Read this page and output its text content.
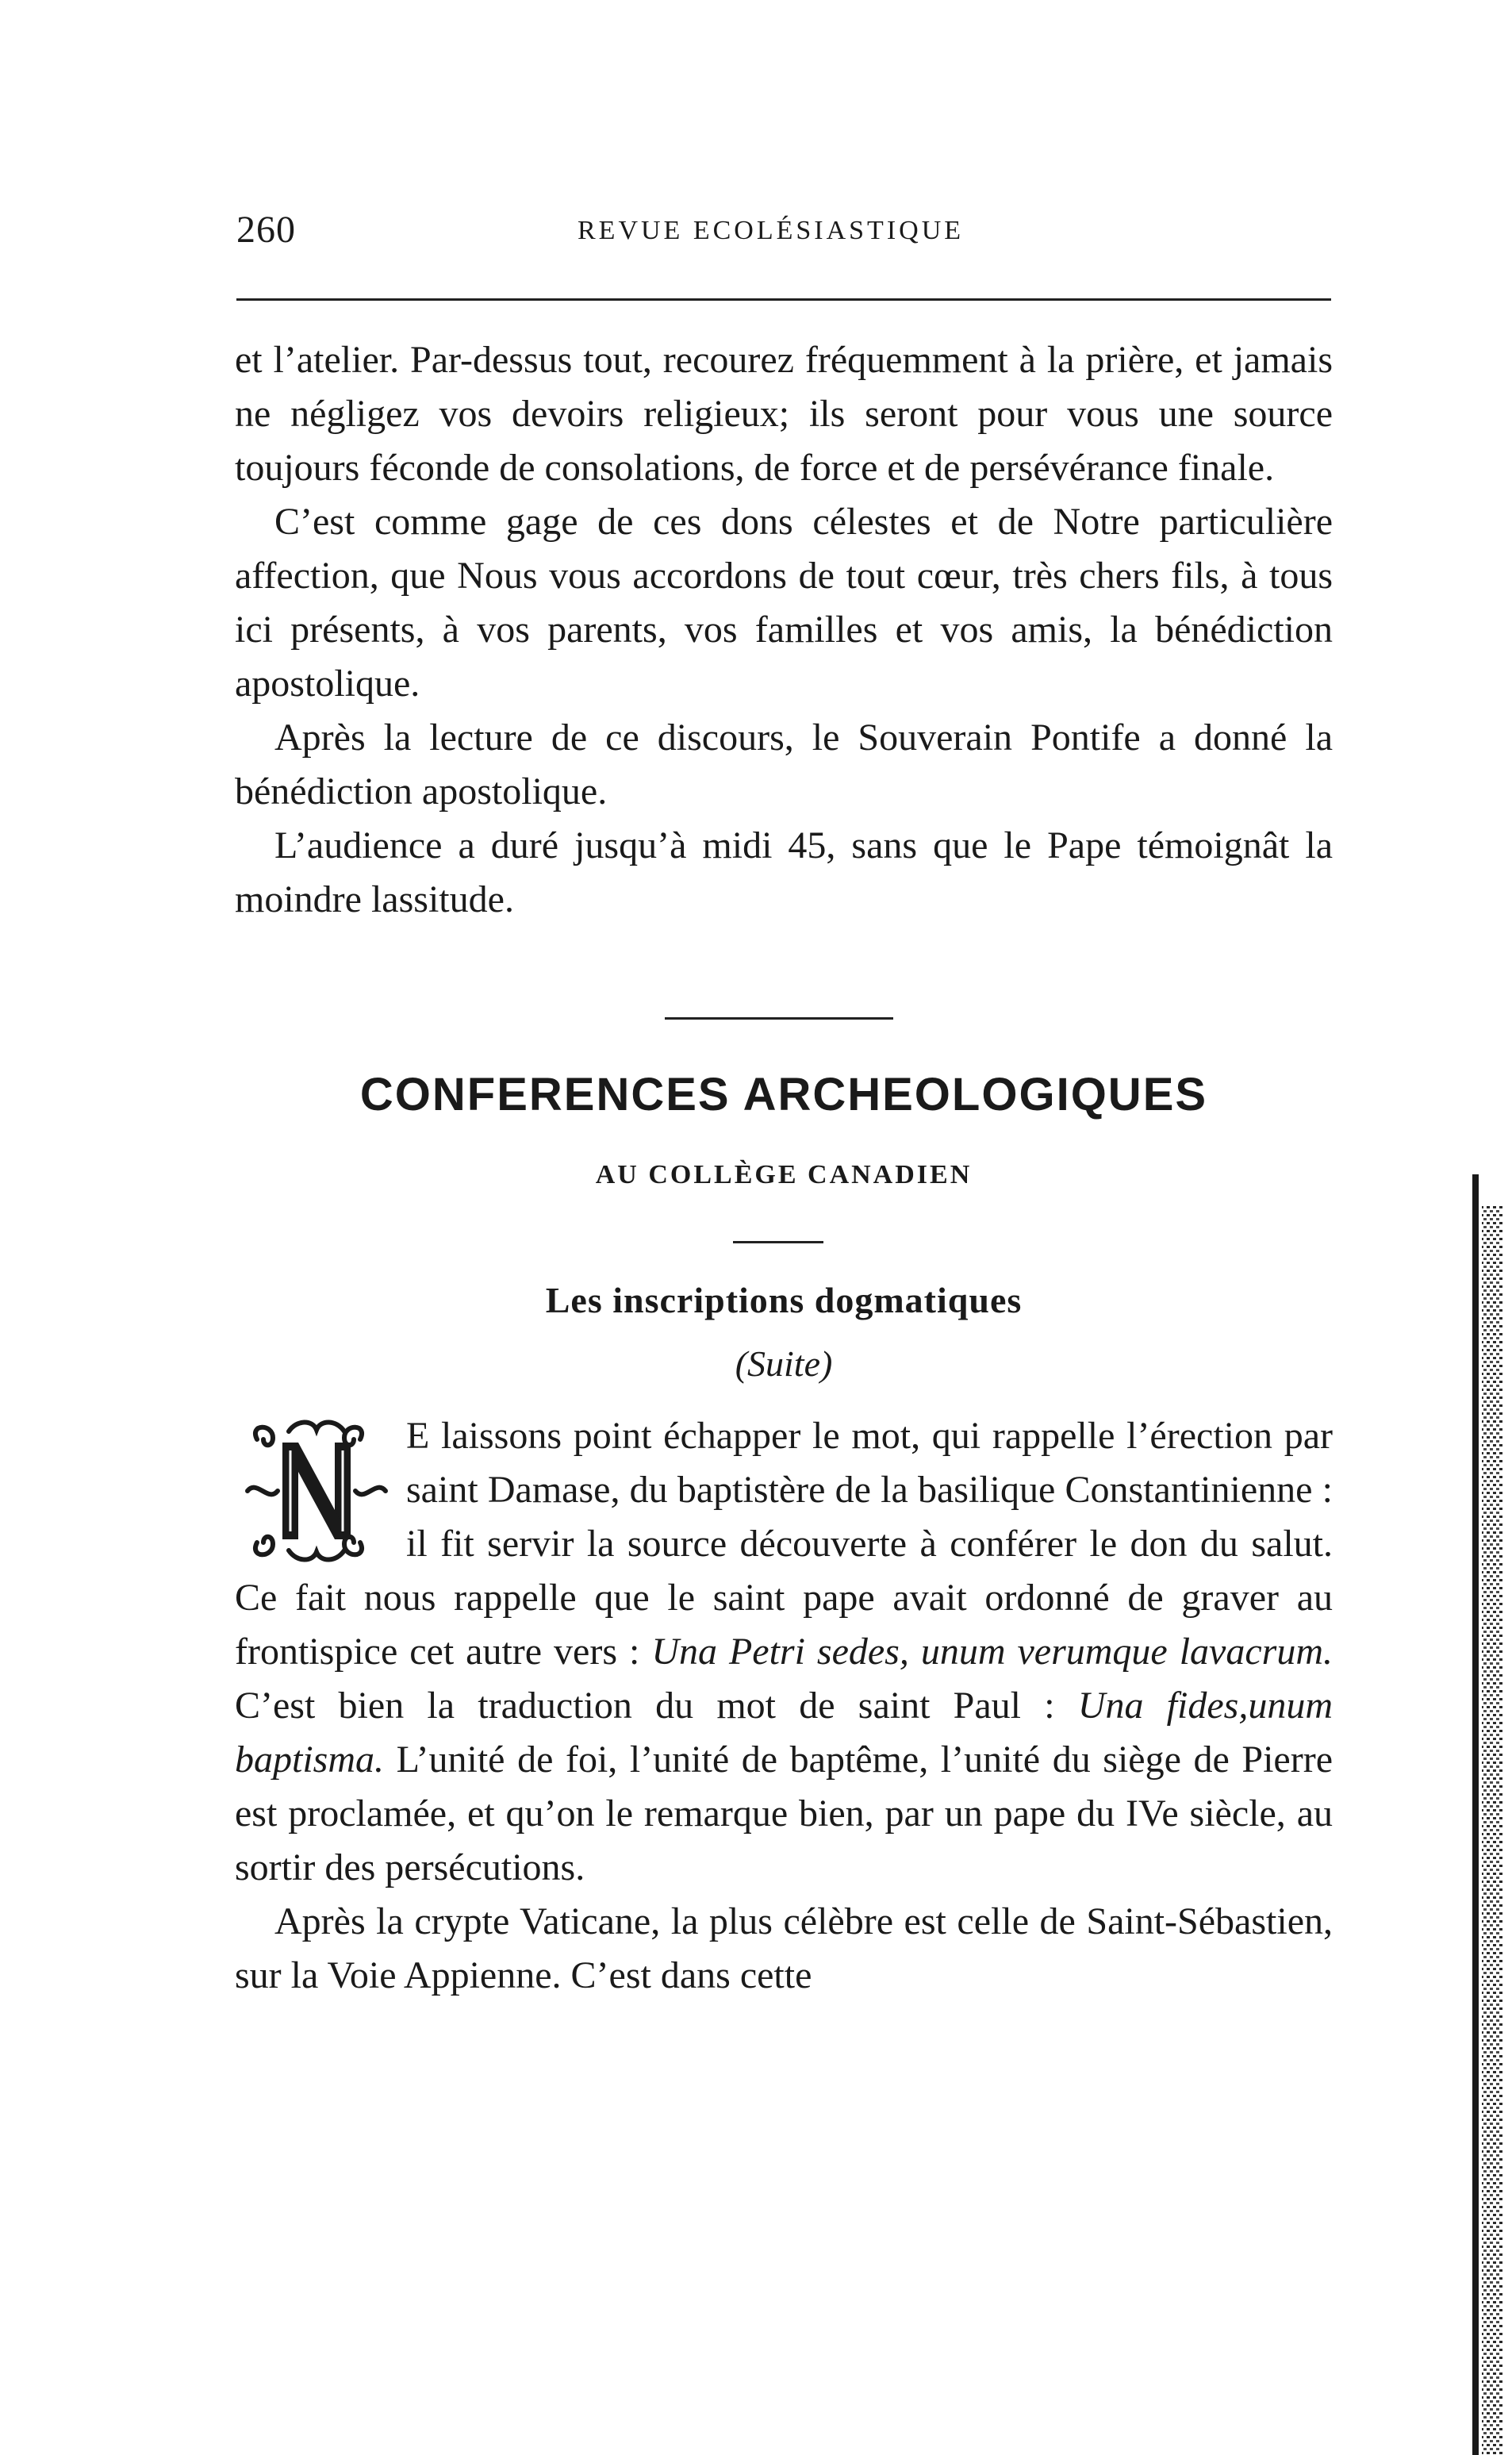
260	REVUE ECOLÉSIASTIQUE

et l’atelier. Par-dessus tout, recourez fréquemment à la prière, et jamais ne négligez vos devoirs religieux; ils seront pour vous une source toujours féconde de consolations, de force et de persévérance finale.

C’est comme gage de ces dons célestes et de Notre particulière affection, que Nous vous accordons de tout cœur, très chers fils, à tous ici présents, à vos parents, vos familles et vos amis, la bénédiction apostolique.

Après la lecture de ce discours, le Souverain Pontife a donné la bénédiction apostolique.

L’audience a duré jusqu’à midi 45, sans que le Pape témoignât la moindre lassitude.

CONFERENCES ARCHEOLOGIQUES
AU COLLÈGE CANADIEN
Les inscriptions dogmatiques
(Suite)

E laissons point échapper le mot, qui rappelle l’érection par saint Damase, du baptistère de la basilique Constantinienne : il fit servir la source découverte à conférer le don du salut. Ce fait nous rappelle que le saint pape avait ordonné de graver au frontispice cet autre vers : Una Petri sedes, unum verumque lavacrum. C’est bien la traduction du mot de saint Paul : Una fides,unum baptisma. L’unité de foi, l’unité de baptême, l’unité du siège de Pierre est proclamée, et qu’on le remarque bien, par un pape du IVe siècle, au sortir des persécutions.

Après la crypte Vaticane, la plus célèbre est celle de Saint-Sébastien, sur la Voie Appienne. C’est dans cette
